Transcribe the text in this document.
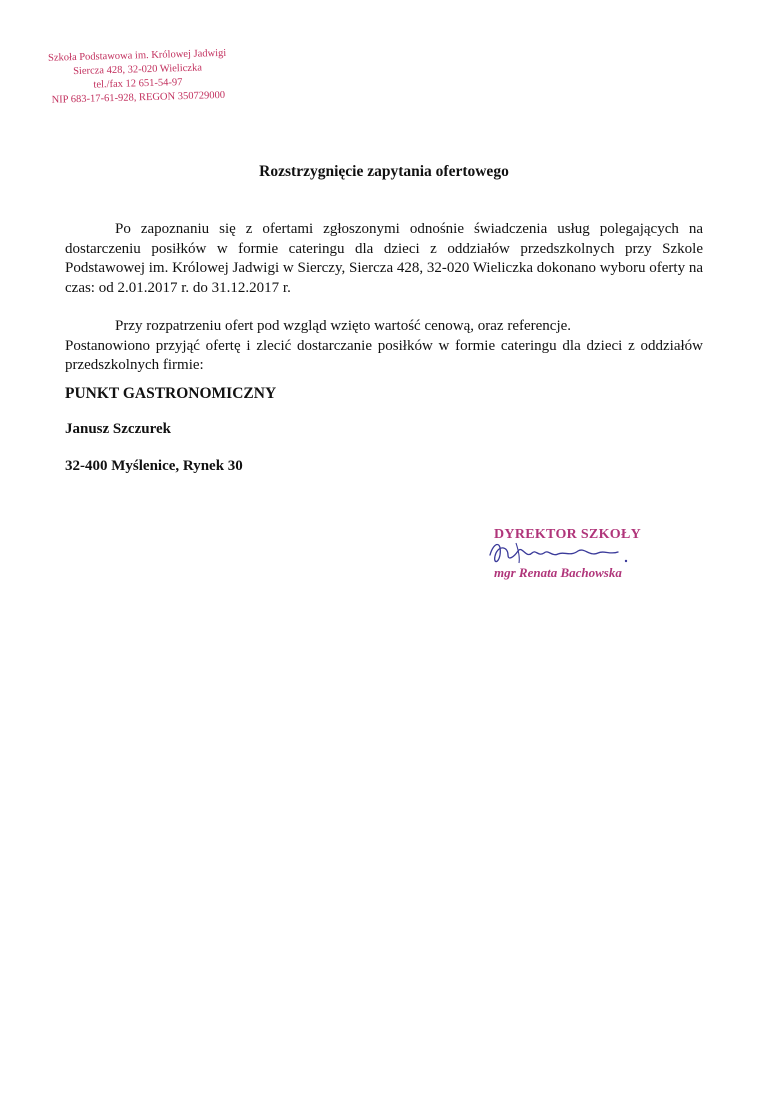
Szkoła Podstawowa im. Królowej Jadwigi
Siercza 428, 32-020 Wieliczka
tel./fax 12 651-54-97
NIP 683-17-61-928, REGON 350729000
Rozstrzygnięcie zapytania ofertowego
Po zapoznaniu się z ofertami zgłoszonymi odnośnie świadczenia usług polegających na dostarczeniu posiłków w formie cateringu dla dzieci z oddziałów przedszkolnych przy Szkole Podstawowej im. Królowej Jadwigi w Sierczy, Siercza 428, 32-020 Wieliczka dokonano wyboru oferty na czas: od 2.01.2017 r. do 31.12.2017 r.
Przy rozpatrzeniu ofert pod wzgląd wzięto wartość cenową, oraz referencje.
Postanowiono przyjąć ofertę i zlecić dostarczanie posiłków w formie cateringu dla dzieci z oddziałów przedszkolnych firmie:
PUNKT GASTRONOMICZNY
Janusz Szczurek
32-400 Myślenice, Rynek 30
DYREKTOR SZKOŁY
mgr Renata Bachowska
